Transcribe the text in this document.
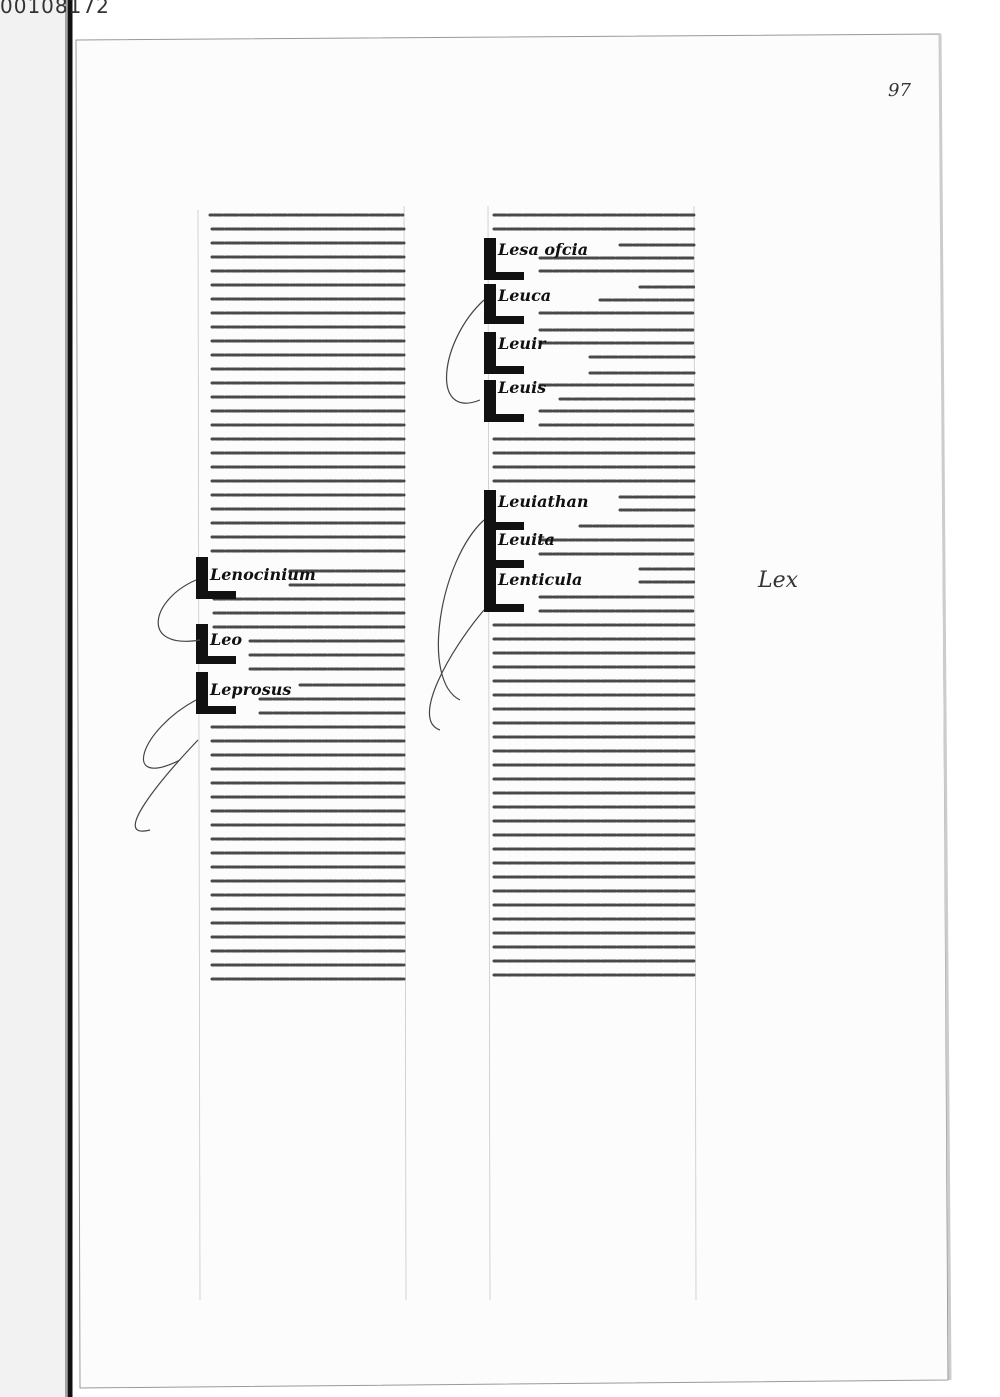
00108172
97
Lex
Lenocinium
Leo
Leprosus
Lesa ofcia
Leuca
Leuir
Leuis
Leuiathan
Leuita
Lenticula
